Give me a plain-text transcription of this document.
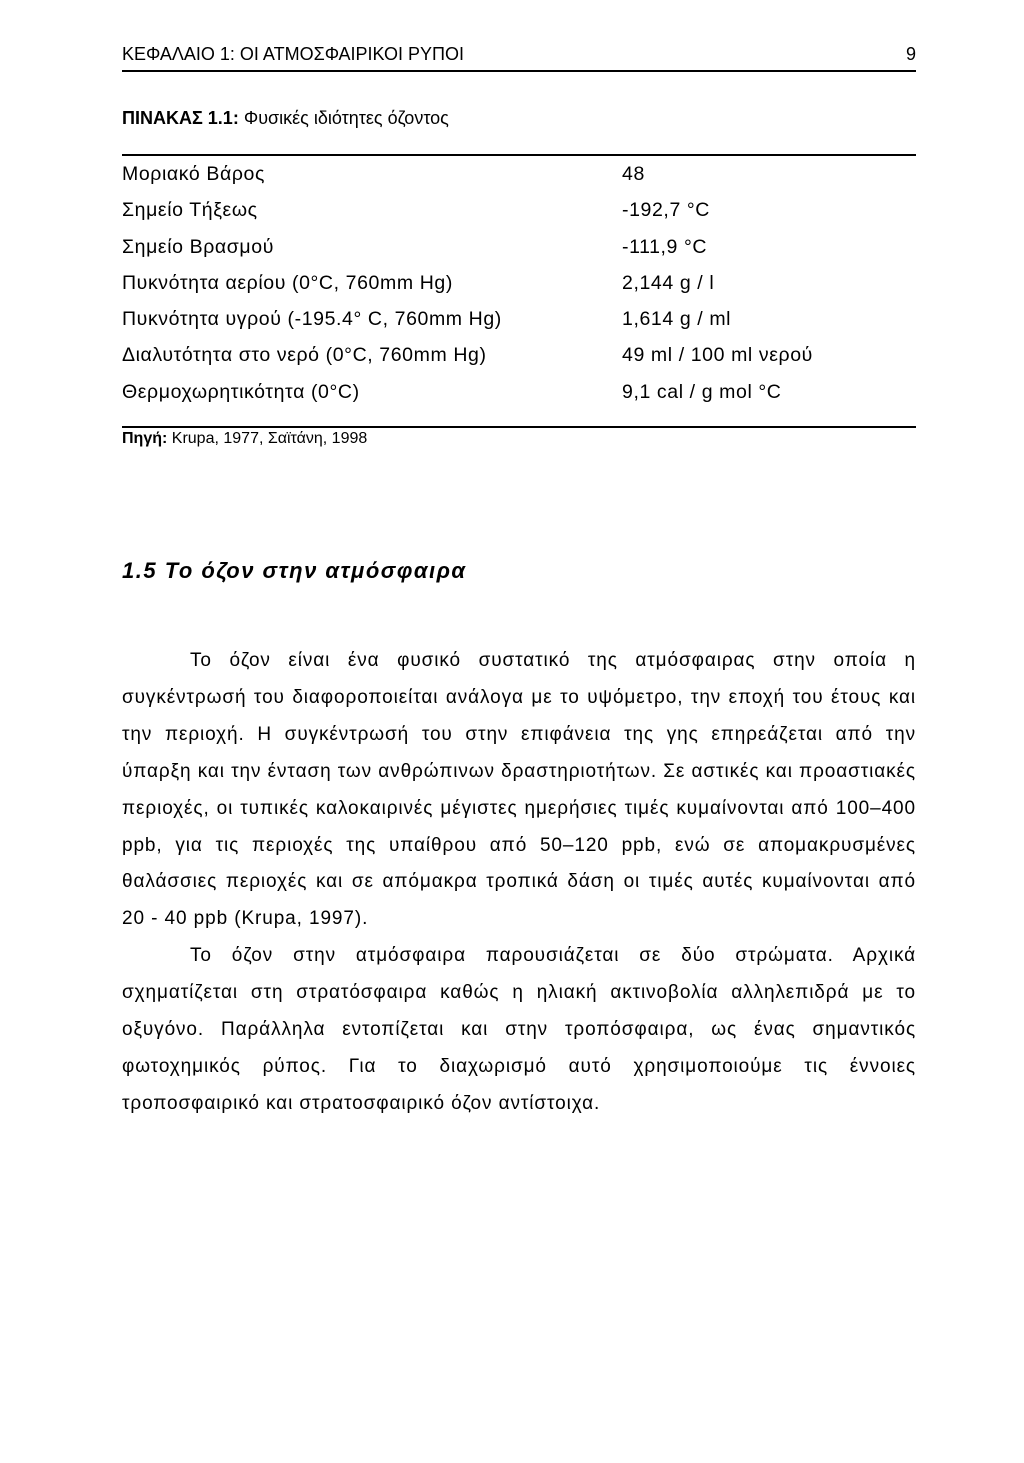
ΚΕΦΑΛΑΙΟ 1: ΟΙ ΑΤΜΟΣΦΑΙΡΙΚΟΙ ΡΥΠΟΙ	9
ΠΙΝΑΚΑΣ 1.1: Φυσικές ιδιότητες όζοντος
Μοριακό Βάρος	48
Σημείο Τήξεως	-192,7 °C
Σημείο Βρασμού	-111,9 °C
Πυκνότητα αερίου (0°C, 760mm Hg)	2,144 g / l
Πυκνότητα υγρού (-195.4° C, 760mm Hg)	1,614 g / ml
Διαλυτότητα στο νερό (0°C, 760mm Hg)	49 ml / 100 ml νερού
Θερμοχωρητικότητα (0°C)	9,1 cal / g mol °C
Πηγή: Krupa, 1977, Σαϊτάνη, 1998
1.5 Το όζον στην ατμόσφαιρα

Το όζον είναι ένα φυσικό συστατικό της ατμόσφαιρας στην οποία η συγκέντρωσή του διαφοροποιείται ανάλογα με το υψόμετρο, την εποχή του έτους και την περιοχή. Η συγκέντρωσή του στην επιφάνεια της γης επηρεάζεται από την ύπαρξη και την ένταση των ανθρώπινων δραστηριοτήτων. Σε αστικές και προαστιακές περιοχές, οι τυπικές καλοκαιρινές μέγιστες ημερήσιες τιμές κυμαίνονται από 100–400 ppb, για τις περιοχές της υπαίθρου από 50–120 ppb, ενώ σε απομακρυσμένες θαλάσσιες περιοχές και σε απόμακρα τροπικά δάση οι τιμές αυτές κυμαίνονται από 20 - 40 ppb (Krupa, 1997).

Το όζον στην ατμόσφαιρα παρουσιάζεται σε δύο στρώματα. Αρχικά σχηματίζεται στη στρατόσφαιρα καθώς η ηλιακή ακτινοβολία αλληλεπιδρά με το οξυγόνο. Παράλληλα εντοπίζεται και στην τροπόσφαιρα, ως ένας σημαντικός φωτοχημικός ρύπος. Για το διαχωρισμό αυτό χρησιμοποιούμε τις έννοιες τροποσφαιρικό και στρατοσφαιρικό όζον αντίστοιχα.
